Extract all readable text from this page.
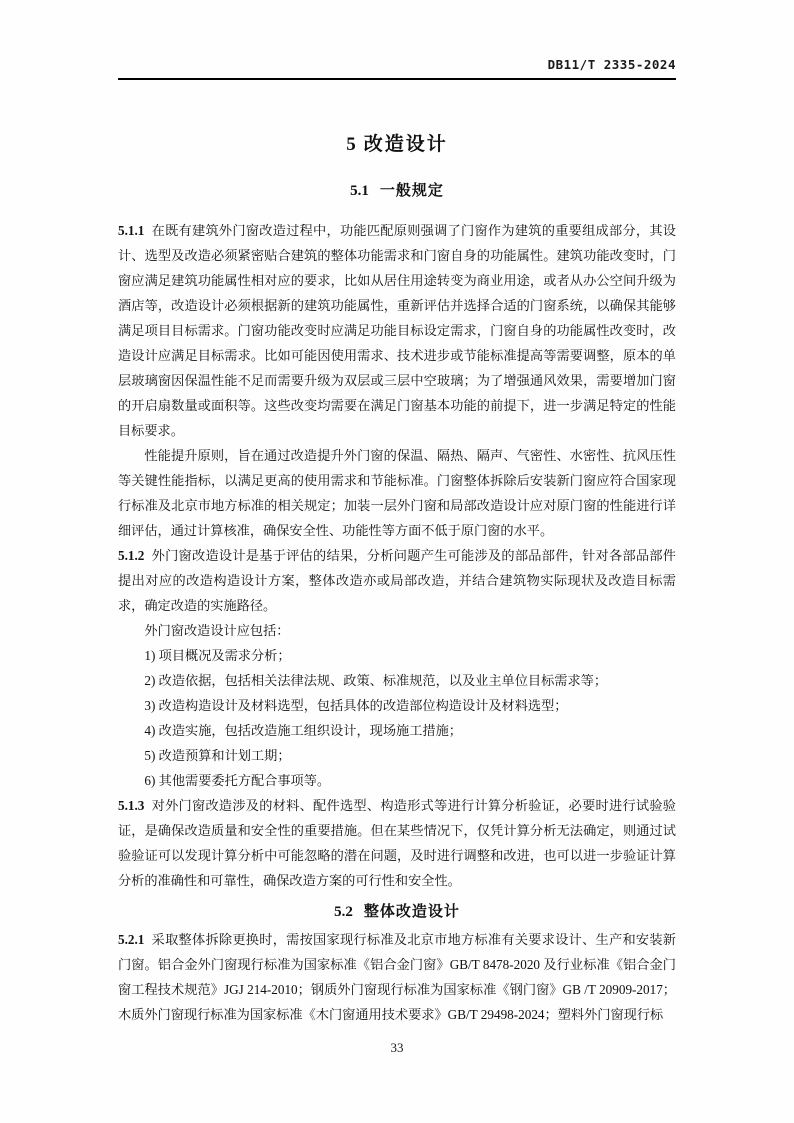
DB11/T 2335-2024
5 改造设计
5.1 一般规定

5.1.1 在既有建筑外门窗改造过程中，功能匹配原则强调了门窗作为建筑的重要组成部分，其设计、选型及改造必须紧密贴合建筑的整体功能需求和门窗自身的功能属性。建筑功能改变时，门窗应满足建筑功能属性相对应的要求，比如从居住用途转变为商业用途，或者从办公空间升级为酒店等，改造设计必须根据新的建筑功能属性，重新评估并选择合适的门窗系统，以确保其能够满足项目目标需求。门窗功能改变时应满足功能目标设定需求，门窗自身的功能属性改变时，改造设计应满足目标需求。比如可能因使用需求、技术进步或节能标准提高等需要调整，原本的单层玻璃窗因保温性能不足而需要升级为双层或三层中空玻璃；为了增强通风效果，需要增加门窗的开启扇数量或面积等。这些改变均需要在满足门窗基本功能的前提下，进一步满足特定的性能目标要求。

性能提升原则，旨在通过改造提升外门窗的保温、隔热、隔声、气密性、水密性、抗风压性等关键性能指标，以满足更高的使用需求和节能标准。门窗整体拆除后安装新门窗应符合国家现行标准及北京市地方标准的相关规定；加装一层外门窗和局部改造设计应对原门窗的性能进行详细评估，通过计算核准，确保安全性、功能性等方面不低于原门窗的水平。

5.1.2 外门窗改造设计是基于评估的结果，分析问题产生可能涉及的部品部件，针对各部品部件提出对应的改造构造设计方案，整体改造亦或局部改造，并结合建筑物实际现状及改造目标需求，确定改造的实施路径。

外门窗改造设计应包括：

1) 项目概况及需求分析；

2) 改造依据，包括相关法律法规、政策、标准规范，以及业主单位目标需求等；

3) 改造构造设计及材料选型，包括具体的改造部位构造设计及材料选型；

4) 改造实施，包括改造施工组织设计，现场施工措施；

5) 改造预算和计划工期；

6) 其他需要委托方配合事项等。

5.1.3 对外门窗改造涉及的材料、配件选型、构造形式等进行计算分析验证，必要时进行试验验证，是确保改造质量和安全性的重要措施。但在某些情况下，仅凭计算分析无法确定，则通过试验验证可以发现计算分析中可能忽略的潜在问题，及时进行调整和改进，也可以进一步验证计算分析的准确性和可靠性，确保改造方案的可行性和安全性。

5.2 整体改造设计

5.2.1 采取整体拆除更换时，需按国家现行标准及北京市地方标准有关要求设计、生产和安装新门窗。铝合金外门窗现行标准为国家标准《铝合金门窗》GB/T 8478-2020 及行业标准《铝合金门窗工程技术规范》JGJ 214-2010；钢质外门窗现行标准为国家标准《钢门窗》GB /T 20909-2017；木质外门窗现行标准为国家标准《木门窗通用技术要求》GB/T 29498-2024；塑料外门窗现行标

33
